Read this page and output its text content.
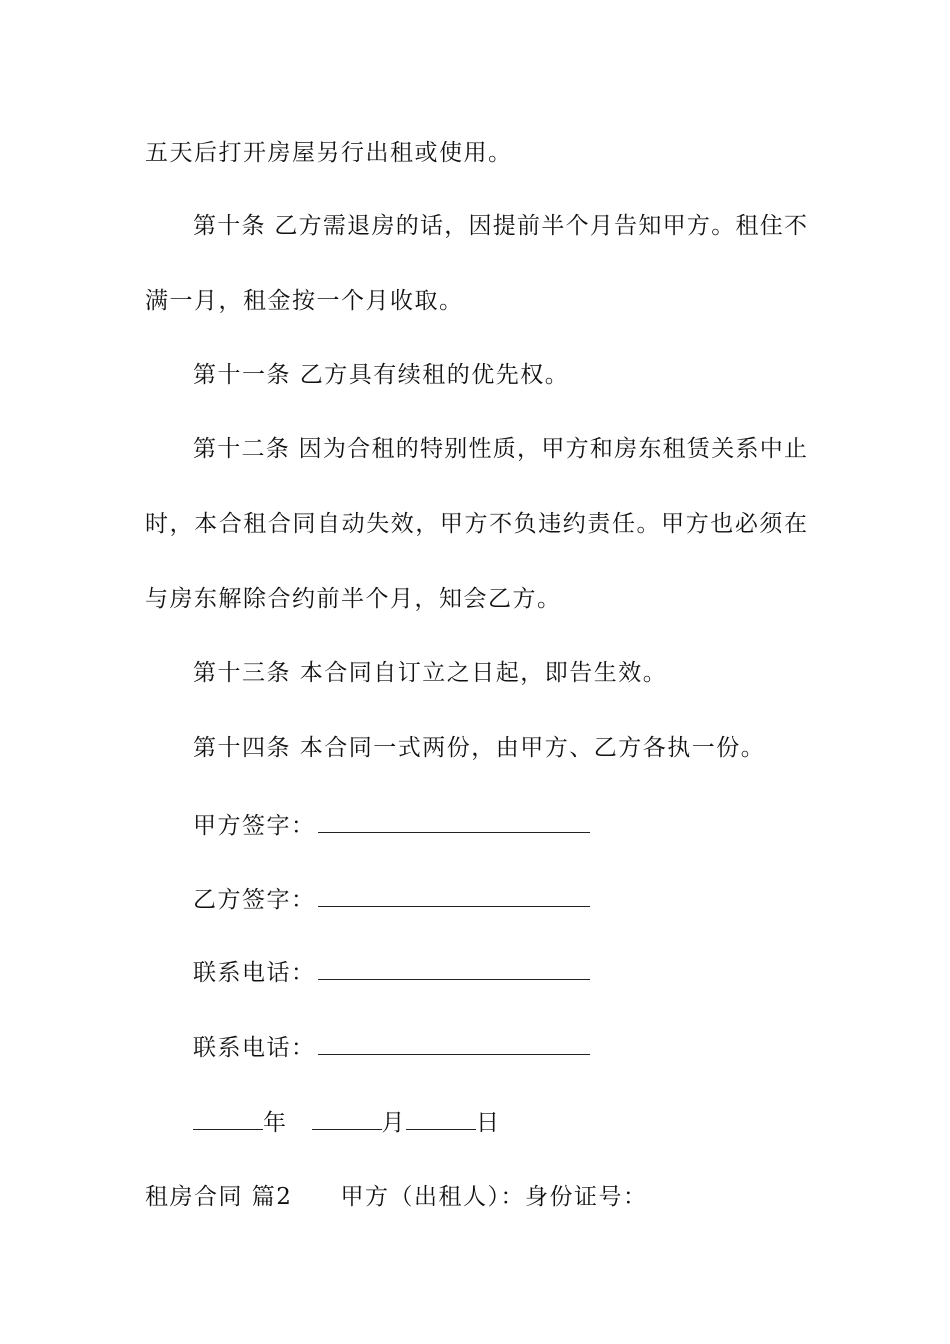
五天后打开房屋另行出租或使用。
第十条 乙方需退房的话，因提前半个月告知甲方。租住不
满一月，租金按一个月收取。
第十一条 乙方具有续租的优先权。
第十二条 因为合租的特别性质，甲方和房东租赁关系中止
时，本合租合同自动失效，甲方不负违约责任。甲方也必须在
与房东解除合约前半个月，知会乙方。
第十三条 本合同自订立之日起，即告生效。
第十四条 本合同一式两份，由甲方、乙方各执一份。
甲方签字：
乙方签字：
联系电话：
联系电话：
年	月	日
租房合同 篇2 甲方（出租人）：身份证号：
